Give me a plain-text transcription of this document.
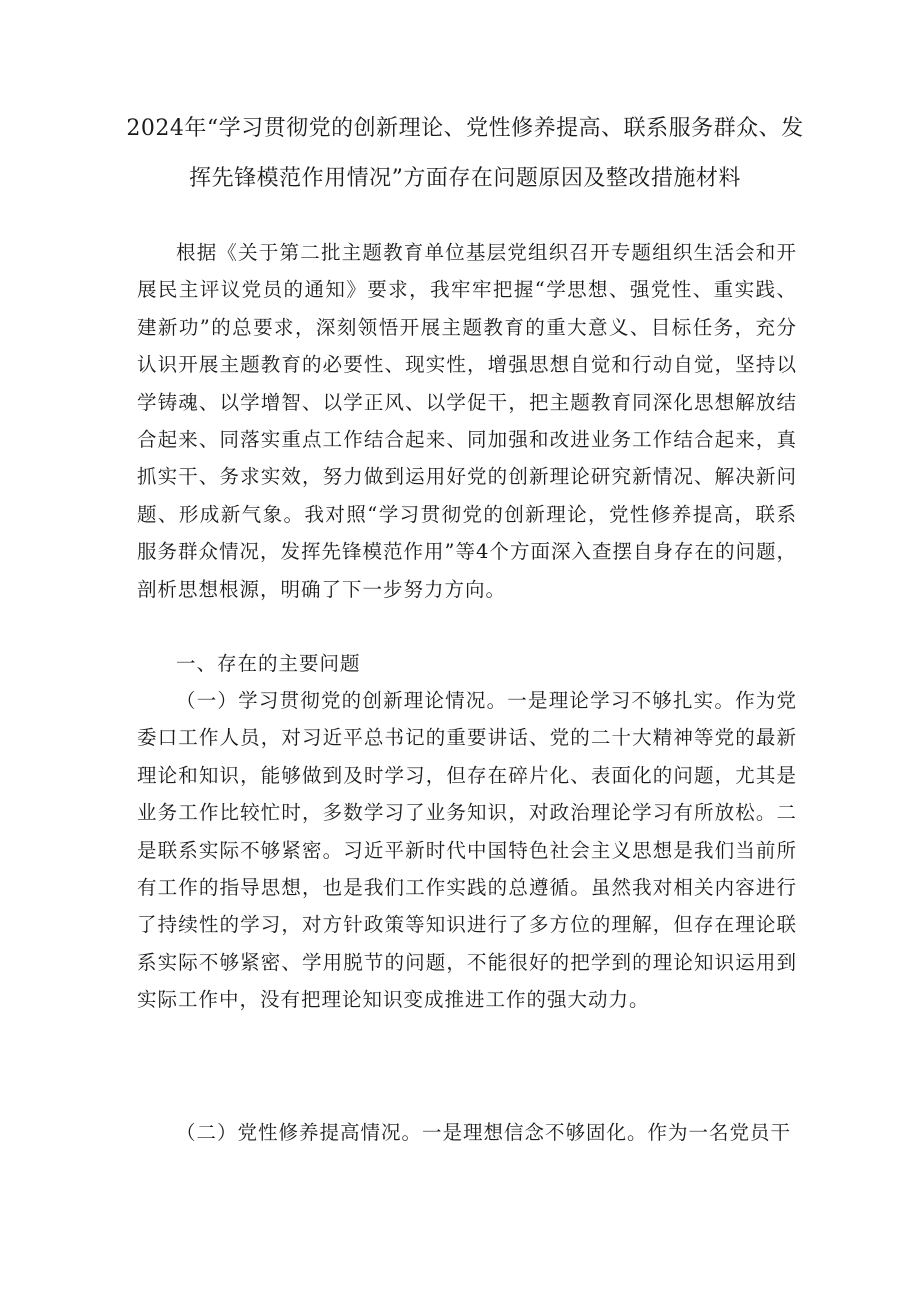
2024年“学习贯彻党的创新理论、党性修养提高、联系服务群众、发
挥先锋模范作用情况”方面存在问题原因及整改措施材料

根据《关于第二批主题教育单位基层党组织召开专题组织生活会和开展民主评议党员的通知》要求，我牢牢把握“学思想、强党性、重实践、建新功”的总要求，深刻领悟开展主题教育的重大意义、目标任务，充分认识开展主题教育的必要性、现实性，增强思想自觉和行动自觉，坚持以学铸魂、以学增智、以学正风、以学促干，把主题教育同深化思想解放结合起来、同落实重点工作结合起来、同加强和改进业务工作结合起来，真抓实干、务求实效，努力做到运用好党的创新理论研究新情况、解决新问题、形成新气象。我对照“学习贯彻党的创新理论，党性修养提高，联系服务群众情况，发挥先锋模范作用”等4个方面深入查摆自身存在的问题，剖析思想根源，明确了下一步努力方向。

一、存在的主要问题

（一）学习贯彻党的创新理论情况。一是理论学习不够扎实。作为党委口工作人员，对习近平总书记的重要讲话、党的二十大精神等党的最新理论和知识，能够做到及时学习，但存在碎片化、表面化的问题，尤其是业务工作比较忙时，多数学习了业务知识，对政治理论学习有所放松。二是联系实际不够紧密。习近平新时代中国特色社会主义思想是我们当前所有工作的指导思想，也是我们工作实践的总遵循。虽然我对相关内容进行了持续性的学习，对方针政策等知识进行了多方位的理解，但存在理论联系实际不够紧密、学用脱节的问题，不能很好的把学到的理论知识运用到实际工作中，没有把理论知识变成推进工作的强大动力。

（二）党性修养提高情况。一是理想信念不够固化。作为一名党员干
